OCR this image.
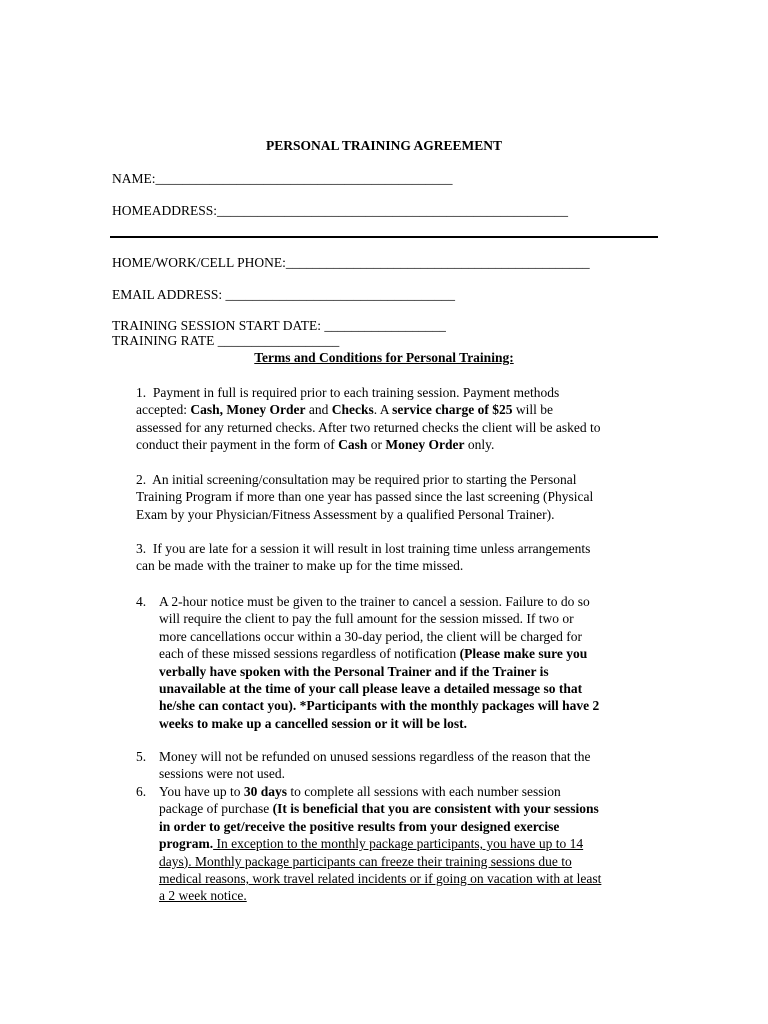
PERSONAL TRAINING AGREEMENT
NAME:____________________________________________
HOMEADDRESS:____________________________________________________
HOME/WORK/CELL PHONE:_____________________________________________
EMAIL ADDRESS: __________________________________
TRAINING SESSION START DATE: __________________
TRAINING RATE __________________
Terms and Conditions for Personal Training:

1. Payment in full is required prior to each training session. Payment methods

accepted: Cash, Money Order and Checks. A service charge of $25 will be

assessed for any returned checks. After two returned checks the client will be asked to

conduct their payment in the form of Cash or Money Order only.

2. An initial screening/consultation may be required prior to starting the Personal

Training Program if more than one year has passed since the last screening (Physical

Exam by your Physician/Fitness Assessment by a qualified Personal Trainer).

3. If you are late for a session it will result in lost training time unless arrangements

can be made with the trainer to make up for the time missed.

4. A 2-hour notice must be given to the trainer to cancel a session. Failure to do so

will require the client to pay the full amount for the session missed. If two or

more cancellations occur within a 30-day period, the client will be charged for

each of these missed sessions regardless of notification (Please make sure you

verbally have spoken with the Personal Trainer and if the Trainer is

unavailable at the time of your call please leave a detailed message so that

he/she can contact you). *Participants with the monthly packages will have 2

weeks to make up a cancelled session or it will be lost.

5. Money will not be refunded on unused sessions regardless of the reason that the

sessions were not used.

6. You have up to 30 days to complete all sessions with each number session

package of purchase (It is beneficial that you are consistent with your sessions

in order to get/receive the positive results from your designed exercise

program. In exception to the monthly package participants, you have up to 14

days). Monthly package participants can freeze their training sessions due to

medical reasons, work travel related incidents or if going on vacation with at least

a 2 week notice.
